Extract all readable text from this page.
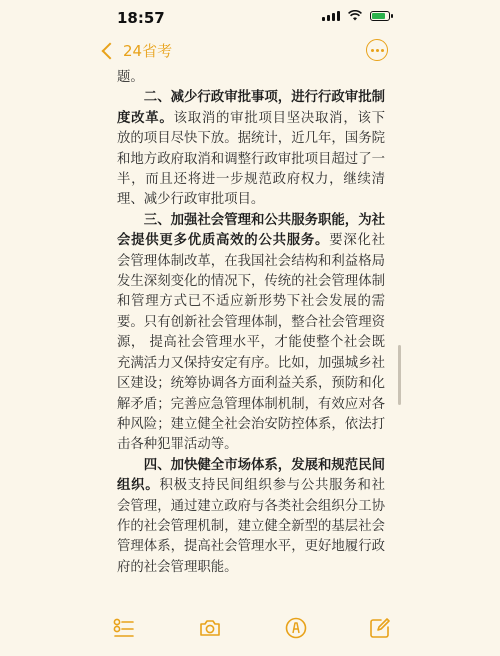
18:57
24省考

题。

二、减少行政审批事项，进行行政审批制度改革。该取消的审批项目坚决取消，该下 放的项目尽快下放。据统计，近几年，国务院和地方政府取消和调整行政审批项目超过了一 半，而且还将进一步规范政府权力，继续清理、减少行政审批项目。

三、加强社会管理和公共服务职能，为社会提供更多优质高效的公共服务。要深化社 会管理体制改革，在我国社会结构和利益格局发生深刻变化的情况下，传统的社会管理体制 和管理方式已不适应新形势下社会发展的需要。只有创新社会管理体制，整合社会管理资源， 提高社会管理水平，才能使整个社会既充满活力又保持安定有序。比如，加强城乡社区建设；统筹协调各方面利益关系，预防和化解矛盾；完善应急管理体制机制，有效应对各种风险；建立健全社会治安防控体系，依法打击各种犯罪活动等。

四、加快健全市场体系，发展和规范民间组织。积极支持民间组织参与公共服务和社 会管理，通过建立政府与各类社会组织分工协作的社会管理机制，建立健全新型的基层社会 管理体系，提高社会管理水平，更好地履行政府的社会管理职能。
